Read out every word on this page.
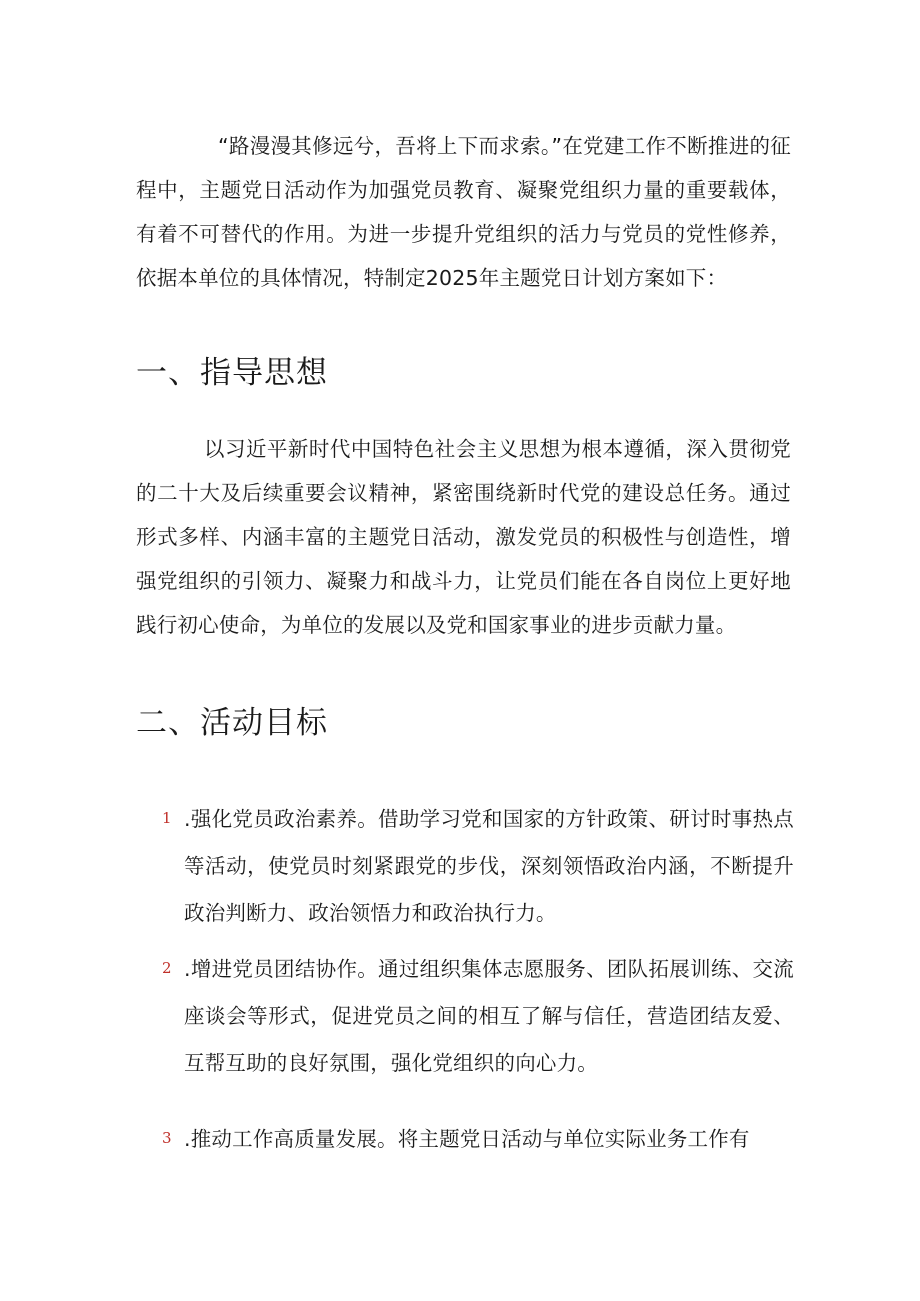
“路漫漫其修远兮，吾将上下而求索。”在党建工作不断推进的征程中，主题党日活动作为加强党员教育、凝聚党组织力量的重要载体，有着不可替代的作用。为进一步提升党组织的活力与党员的党性修养，依据本单位的具体情况，特制定2025年主题党日计划方案如下：

一、指导思想

以习近平新时代中国特色社会主义思想为根本遵循，深入贯彻党的二十大及后续重要会议精神，紧密围绕新时代党的建设总任务。通过形式多样、内涵丰富的主题党日活动，激发党员的积极性与创造性，增强党组织的引领力、凝聚力和战斗力，让党员们能在各自岗位上更好地践行初心使命，为单位的发展以及党和国家事业的进步贡献力量。

二、活动目标
1 .强化党员政治素养。借助学习党和国家的方针政策、研讨时事热点等活动，使党员时刻紧跟党的步伐，深刻领悟政治内涵，不断提升政治判断力、政治领悟力和政治执行力。

2 .增进党员团结协作。通过组织集体志愿服务、团队拓展训练、交流座谈会等形式，促进党员之间的相互了解与信任，营造团结友爱、互帮互助的良好氛围，强化党组织的向心力。

3 .推动工作高质量发展。将主题党日活动与单位实际业务工作有
